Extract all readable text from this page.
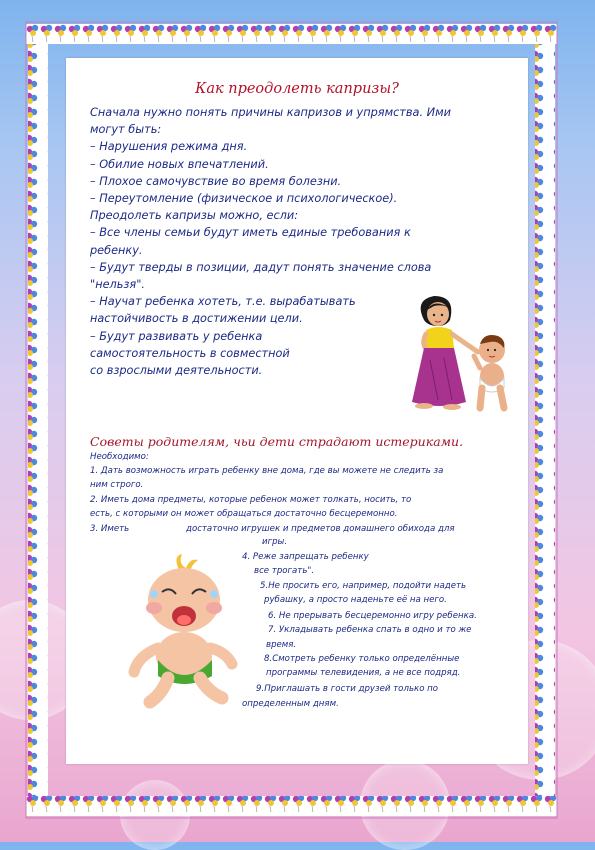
Как преодолеть капризы?
Сначала нужно понять причины капризов и упрямства. Ими
могут быть:
– Нарушения режима дня.
– Обилие новых впечатлений.
– Плохое самочувствие во время болезни.
– Переутомление (физическое и психологическое).
Преодолеть капризы можно, если:
– Все члены семьи будут иметь единые требования к
ребенку.
– Будут тверды в позиции, дадут понять значение слова
"нельзя".
– Научат ребенка хотеть, т.е. вырабатывать
настойчивость в достижении цели.
– Будут развивать у ребенка
самостоятельность в совместной
со взрослыми деятельности.
Советы родителям, чьи дети страдают истериками.
Необходимо:
1. Дать возможность играть ребенку вне дома, где вы можете не следить за
ним строго.
2. Иметь дома предметы, которые ребенок может толкать, носить, то
есть, с которыми он может обращаться достаточно бесцеремонно.
3. Иметь	достаточно игрушек и предметов домашнего обихода для
игры.
4. Реже запрещать ребенку
все трогать".
5.Не просить его, например, подойти надеть
рубашку, а просто наденьте её на него.
6. Не прерывать бесцеремонно игру ребенка.
7. Укладывать ребенка спать в одно и то же
время.
8.Смотреть ребенку только определённые
программы телевидения, а не все подряд.
9.Приглашать в гости друзей только по
определенным дням.
